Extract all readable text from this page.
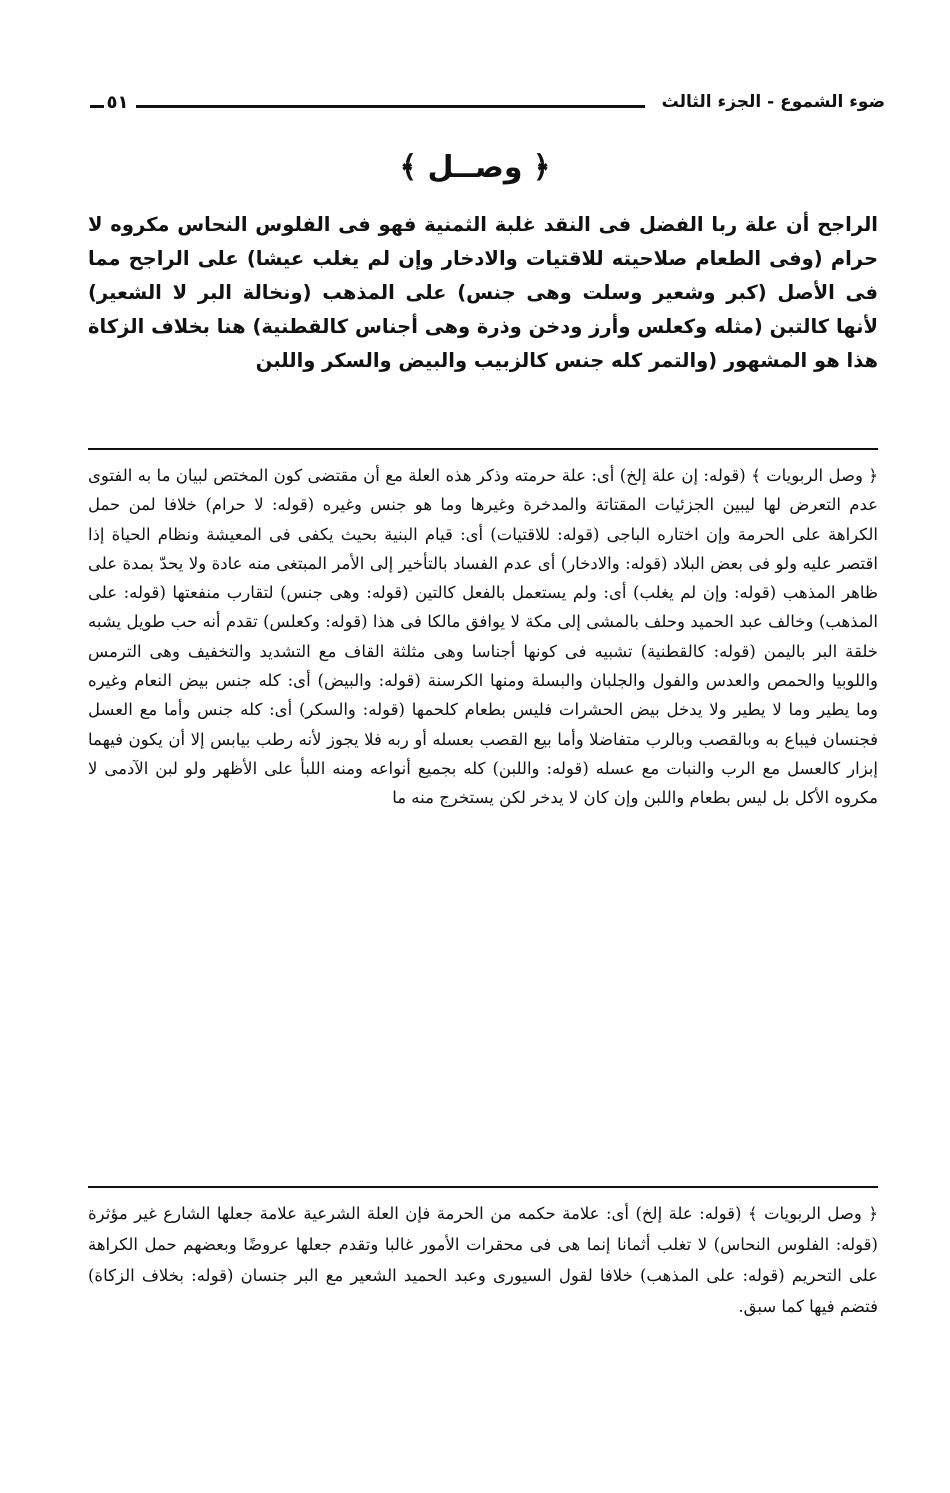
ضوء الشموع - الجزء الثالث
٥١
﴿ وصــل ﴾

الراجح أن علة ربا الفضل فى النقد غلبة الثمنية فهو فى الفلوس النحاس مكروه لا حرام (وفى الطعام صلاحيته للاقتيات والادخار وإن لم يغلب عيشا) على الراجح مما فى الأصل (كبر وشعير وسلت وهى جنس) على المذهب (ونخالة البر لا الشعير) لأنها كالتبن (مثله وكعلس وأرز ودخن وذرة وهى أجناس كالقطنية) هنا بخلاف الزكاة هذا هو المشهور (والتمر كله جنس كالزبيب والبيض والسكر واللبن

﴿ وصل الربويات ﴾ (قوله: إن علة إلخ) أى: علة حرمته وذكر هذه العلة مع أن مقتضى كون المختص لبيان ما به الفتوى عدم التعرض لها ليبين الجزئيات المقتاتة والمدخرة وغيرها وما هو جنس وغيره (قوله: لا حرام) خلافا لمن حمل الكراهة على الحرمة وإن اختاره الباجى (قوله: للاقتيات) أى: قيام البنية بحيث يكفى فى المعيشة ونظام الحياة إذا اقتصر عليه ولو فى بعض البلاد (قوله: والادخار) أى عدم الفساد بالتأخير إلى الأمر المبتغى منه عادة ولا يحدّ بمدة على ظاهر المذهب (قوله: وإن لم يغلب) أى: ولم يستعمل بالفعل كالتين (قوله: وهى جنس) لتقارب منفعتها (قوله: على المذهب) وخالف عبد الحميد وحلف بالمشى إلى مكة لا يوافق مالكا فى هذا (قوله: وكعلس) تقدم أنه حب طويل يشبه خلقة البر باليمن (قوله: كالقطنية) تشبيه فى كونها أجناسا وهى مثلثة القاف مع التشديد والتخفيف وهى الترمس واللوبيا والحمص والعدس والفول والجلبان والبسلة ومنها الكرسنة (قوله: والبيض) أى: كله جنس بيض النعام وغيره وما يطير وما لا يطير ولا يدخل بيض الحشرات فليس بطعام كلحمها (قوله: والسكر) أى: كله جنس وأما مع العسل فجنسان فيباع به وبالقصب وبالرب متفاضلا وأما بيع القصب بعسله أو ربه فلا يجوز لأنه رطب بيابس إلا أن يكون فيهما إبزار كالعسل مع الرب والنبات مع عسله (قوله: واللبن) كله بجميع أنواعه ومنه اللبأ على الأظهر ولو لبن الآدمى لا مكروه الأكل بل ليس بطعام واللبن وإن كان لا يدخر لكن يستخرج منه ما

﴿ وصل الربويات ﴾ (قوله: علة إلخ) أى: علامة حكمه من الحرمة فإن العلة الشرعية علامة جعلها الشارع غير مؤثرة (قوله: الفلوس النحاس) لا تغلب أثمانا إنما هى فى محقرات الأمور غالبا وتقدم جعلها عروضًا وبعضهم حمل الكراهة على التحريم (قوله: على المذهب) خلافا لقول السيورى وعبد الحميد الشعير مع البر جنسان (قوله: بخلاف الزكاة) فتضم فيها كما سبق.
